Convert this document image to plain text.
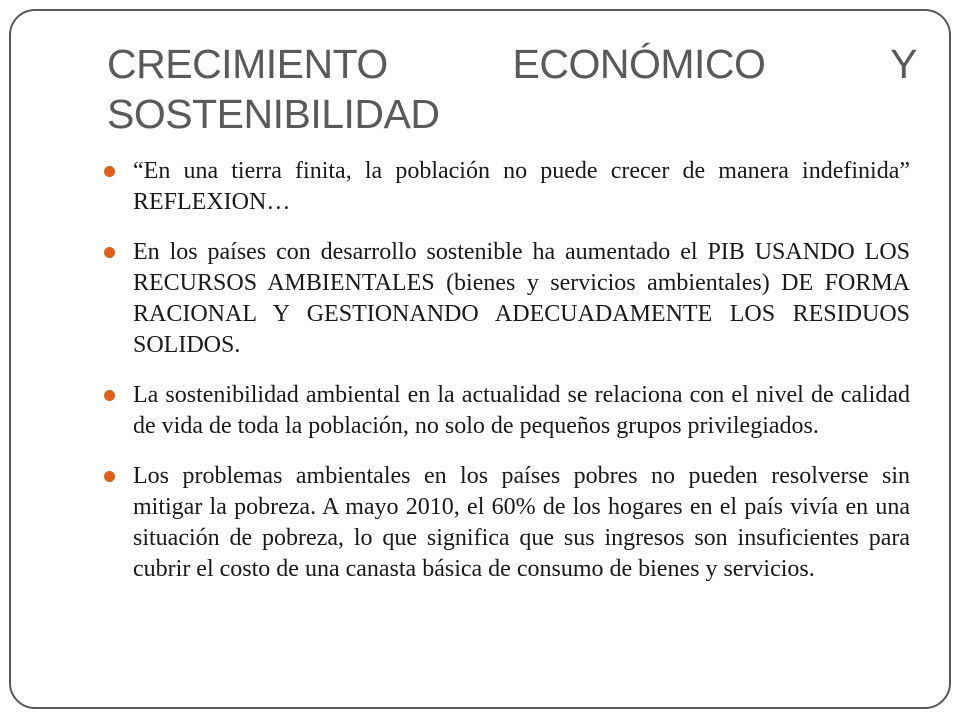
CRECIMIENTO	ECONÓMICO	Y
SOSTENIBILIDAD
“En una tierra finita, la población no puede crecer de manera indefinida” REFLEXION…
En los países con desarrollo sostenible ha aumentado el PIB USANDO LOS RECURSOS AMBIENTALES (bienes y servicios ambientales) DE FORMA RACIONAL Y GESTIONANDO ADECUADAMENTE LOS RESIDUOS SOLIDOS.
La sostenibilidad ambiental en la actualidad se relaciona con el nivel de calidad de vida de toda la población, no solo de pequeños grupos privilegiados.
Los problemas ambientales en los países pobres no pueden resolverse sin mitigar la pobreza. A mayo 2010, el 60% de los hogares en el país vivía en una situación de pobreza, lo que significa que sus ingresos son insuficientes para cubrir el costo de una canasta básica de consumo de bienes y servicios.
